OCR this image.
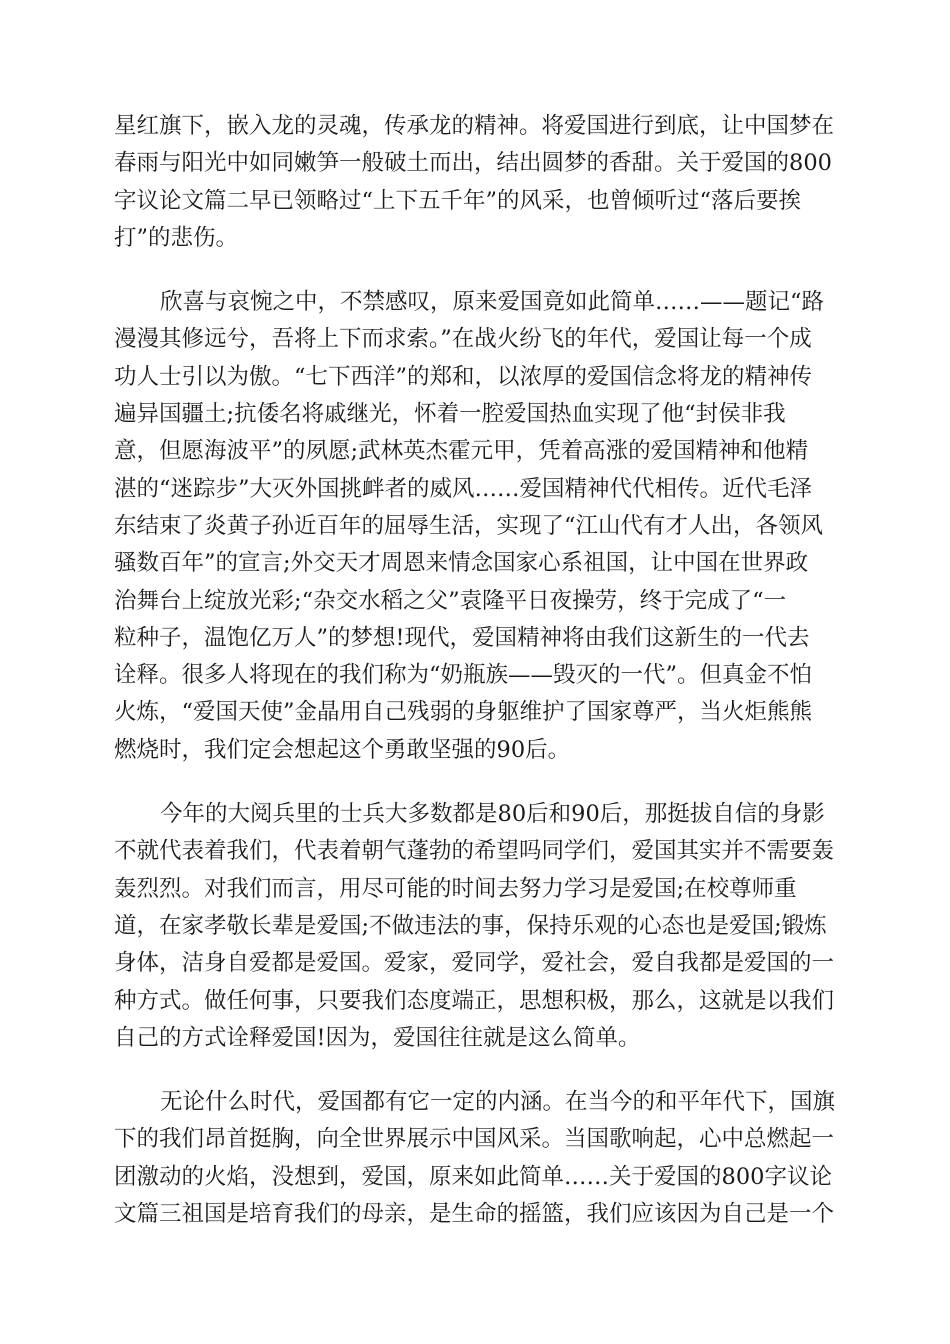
星红旗下，嵌入龙的灵魂，传承龙的精神。将爱国进行到底，让中国梦在
春雨与阳光中如同嫩笋一般破土而出，结出圆梦的香甜。关于爱国的800
字议论文篇二早已领略过“上下五千年”的风采，也曾倾听过“落后要挨
打”的悲伤。

欣喜与哀惋之中，不禁感叹，原来爱国竟如此简单……——题记“路
漫漫其修远兮，吾将上下而求索。”在战火纷飞的年代，爱国让每一个成
功人士引以为傲。“七下西洋”的郑和，以浓厚的爱国信念将龙的精神传
遍异国疆土;抗倭名将戚继光，怀着一腔爱国热血实现了他“封侯非我
意，但愿海波平”的夙愿;武林英杰霍元甲，凭着高涨的爱国精神和他精
湛的“迷踪步”大灭外国挑衅者的威风……爱国精神代代相传。近代毛泽
东结束了炎黄子孙近百年的屈辱生活，实现了“江山代有才人出，各领风
骚数百年”的宣言;外交天才周恩来情念国家心系祖国，让中国在世界政
治舞台上绽放光彩;“杂交水稻之父”袁隆平日夜操劳，终于完成了“一
粒种子，温饱亿万人”的梦想!现代，爱国精神将由我们这新生的一代去
诠释。很多人将现在的我们称为“奶瓶族——毁灭的一代”。但真金不怕
火炼，“爱国天使”金晶用自己残弱的身躯维护了国家尊严，当火炬熊熊
燃烧时，我们定会想起这个勇敢坚强的90后。

今年的大阅兵里的士兵大多数都是80后和90后，那挺拔自信的身影
不就代表着我们，代表着朝气蓬勃的希望吗同学们，爱国其实并不需要轰
轰烈烈。对我们而言，用尽可能的时间去努力学习是爱国;在校尊师重
道，在家孝敬长辈是爱国;不做违法的事，保持乐观的心态也是爱国;锻炼
身体，洁身自爱都是爱国。爱家，爱同学，爱社会，爱自我都是爱国的一
种方式。做任何事，只要我们态度端正，思想积极，那么，这就是以我们
自己的方式诠释爱国!因为，爱国往往就是这么简单。

无论什么时代，爱国都有它一定的内涵。在当今的和平年代下，国旗
下的我们昂首挺胸，向全世界展示中国风采。当国歌响起，心中总燃起一
团激动的火焰，没想到，爱国，原来如此简单……关于爱国的800字议论
文篇三祖国是培育我们的母亲，是生命的摇篮，我们应该因为自己是一个
